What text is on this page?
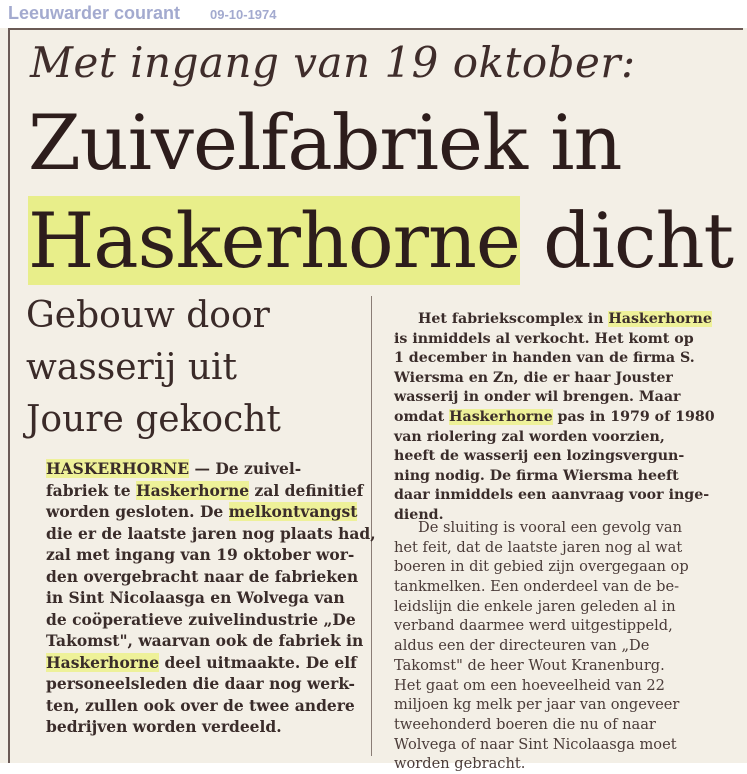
Leeuwarder courant 09-10-1974
Met ingang van 19 oktober:
Zuivelfabriek in
Haskerhorne dicht
Gebouw door
wasserij uit
Joure gekocht
HASKERHORNE — De zuivel-
fabriek te Haskerhorne zal definitief
worden gesloten. De melkontvangst
die er de laatste jaren nog plaats had,
zal met ingang van 19 oktober wor-
den overgebracht naar de fabrieken
in Sint Nicolaasga en Wolvega van
de coöperatieve zuivelindustrie „De
Takomst", waarvan ook de fabriek in
Haskerhorne deel uitmaakte. De elf
personeelsleden die daar nog werk-
ten, zullen ook over de twee andere
bedrijven worden verdeeld.
Het fabriekscomplex in Haskerhorne
is inmiddels al verkocht. Het komt op
1 december in handen van de firma S.
Wiersma en Zn, die er haar Jouster
wasserij in onder wil brengen. Maar
omdat Haskerhorne pas in 1979 of 1980
van riolering zal worden voorzien,
heeft de wasserij een lozingsvergun-
ning nodig. De firma Wiersma heeft
daar inmiddels een aanvraag voor inge-
diend.
De sluiting is vooral een gevolg van
het feit, dat de laatste jaren nog al wat
boeren in dit gebied zijn overgegaan op
tankmelken. Een onderdeel van de be-
leidslijn die enkele jaren geleden al in
verband daarmee werd uitgestippeld,
aldus een der directeuren van „De
Takomst" de heer Wout Kranenburg.
Het gaat om een hoeveelheid van 22
miljoen kg melk per jaar van ongeveer
tweehonderd boeren die nu of naar
Wolvega of naar Sint Nicolaasga moet
worden gebracht.
